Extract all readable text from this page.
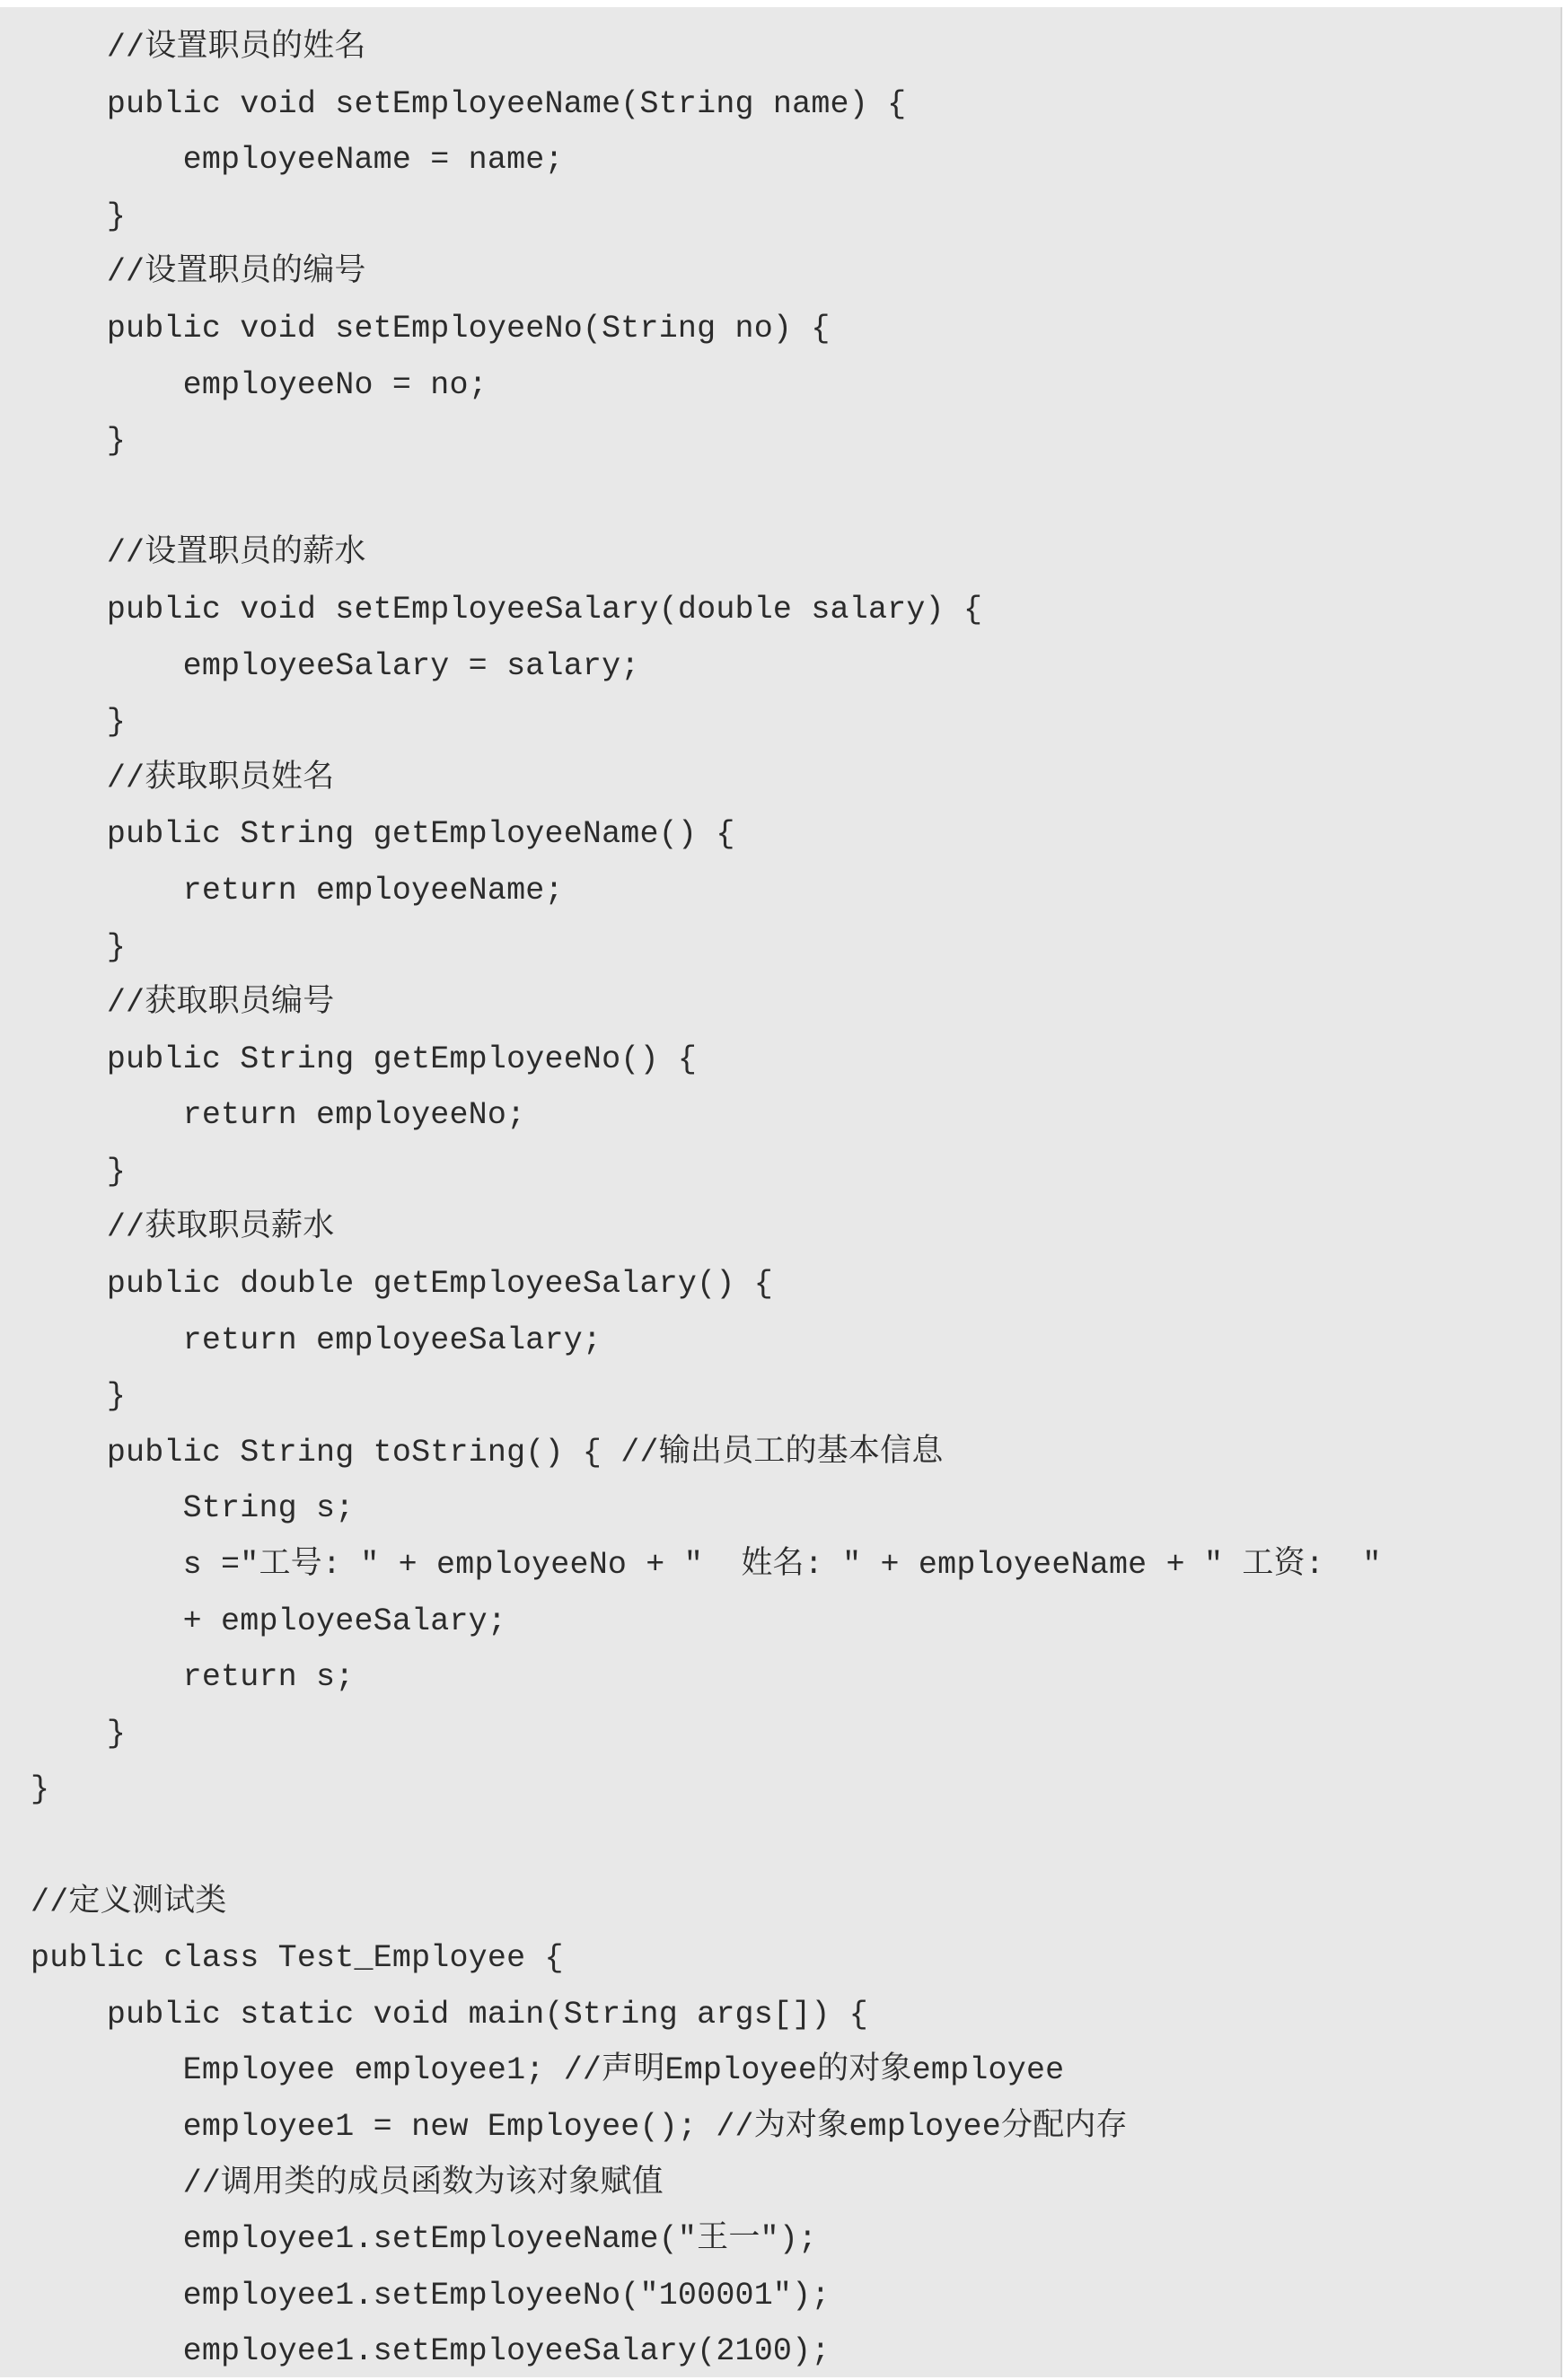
//设置职员的姓名
public void setEmployeeName(String name) {
employeeName = name;
}
//设置职员的编号
public void setEmployeeNo(String no) {
employeeNo = no;
}
//设置职员的薪水
public void setEmployeeSalary(double salary) {
employeeSalary = salary;
}
//获取职员姓名
public String getEmployeeName() {
return employeeName;
}
//获取职员编号
public String getEmployeeNo() {
return employeeNo;
}
//获取职员薪水
public double getEmployeeSalary() {
return employeeSalary;
}
public String toString() { //输出员工的基本信息
String s;
s ="工号: " + employeeNo + "  姓名: " + employeeName + " 工资:  "
+ employeeSalary;
return s;
}
}
//定义测试类
public class Test_Employee {
public static void main(String args[]) {
Employee employee1; //声明Employee的对象employee
employee1 = new Employee(); //为对象employee分配内存
//调用类的成员函数为该对象赋值
employee1.setEmployeeName("王一");
employee1.setEmployeeNo("100001");
employee1.setEmployeeSalary(2100);
